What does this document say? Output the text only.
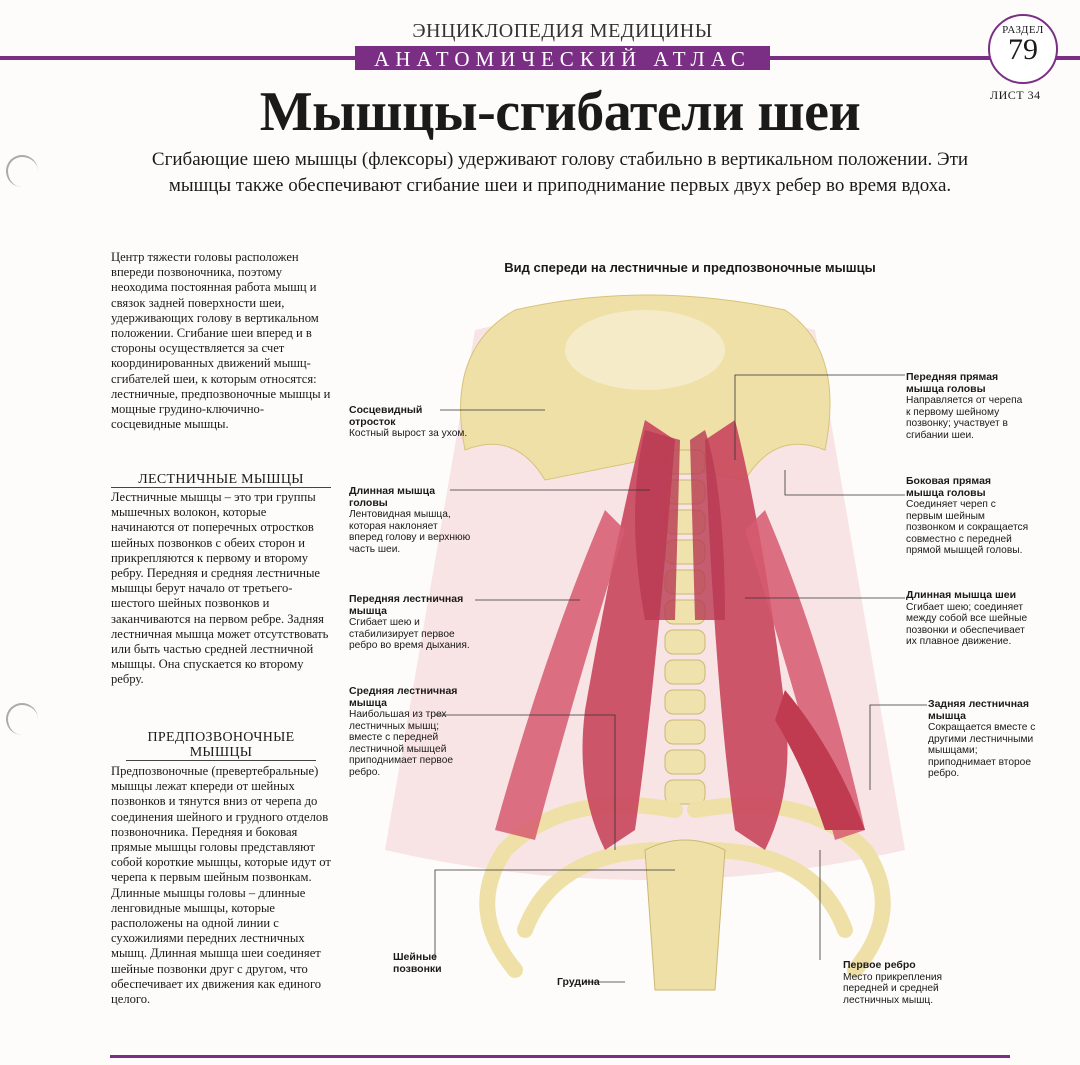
ЭНЦИКЛОПЕДИЯ МЕДИЦИНЫ
АНАТОМИЧЕСКИЙ АТЛАС
РАЗДЕЛ
79
ЛИСТ 34
Мышцы-сгибатели шеи
Сгибающие шею мышцы (флексоры) удерживают голову стабильно в вертикальном положении. Эти мышцы также обеспечивают сгибание шеи и приподнимание первых двух ребер во время вдоха.

Центр тяжести головы расположен впереди позвоночника, поэтому неоходима постоянная работа мышц и связок задней поверхности шеи, удерживающих голову в вертикальном положении. Сгибание шеи вперед и в стороны осуществляется за счет координированных движений мышц-сгибателей шеи, к которым относятся: лестничные, предпозвоночные мышцы и мощные грудино-ключично-сосцевидные мышцы.

ЛЕСТНИЧНЫЕ МЫШЦЫ

Лестничные мышцы – это три группы мышечных волокон, которые начинаются от поперечных отростков шейных позвонков с обеих сторон и прикрепляются к первому и второму ребру. Передняя и средняя лестничные мышцы берут начало от третьего-шестого шейных позвонков и заканчиваются на первом ребре. Задняя лестничная мышца может отсутствовать или быть частью средней лестничной мышцы. Она спускается ко второму ребру.

ПРЕДПОЗВОНОЧНЫЕ МЫШЦЫ

Предпозвоночные (превертебральные) мышцы лежат кпереди от шейных позвонков и тянутся вниз от черепа до соединения шейного и грудного отделов позвоночника. Передняя и боковая прямые мышцы головы представляют собой короткие мышцы, которые идут от черепа к первым шейным позвонкам. Длинные мышцы головы – длинные ленговидные мышцы, которые расположены на одной линии с сухожилиями передних лестничных мышц. Длинная мышца шеи соединяет шейные позвонки друг с другом, что обеспечивает их движения как единого целого.

Вид спереди на лестничные и предпозвоночные мышцы
Сосцевидный отросток
Костный вырост за ухом.
Длинная мышца головы
Лентовидная мышца, которая наклоняет вперед голову и верхнюю часть шеи.
Передняя лестничная мышца
Сгибает шею и стабилизирует первое ребро во время дыхания.
Средняя лестничная мышца
Наибольшая из трех лестничных мышц; вместе с передней лестничной мышцей приподнимает первое ребро.
Шейные позвонки
Грудина
Первое ребро
Место прикрепления передней и средней лестничных мышц.
Передняя прямая мышца головы
Направляется от черепа к первому шейному позвонку; участвует в сгибании шеи.
Боковая прямая мышца головы
Соединяет череп с первым шейным позвонком и сокращается совместно с передней прямой мышцей головы.
Длинная мышца шеи
Сгибает шею; соединяет между собой все шейные позвонки и обеспечивает их плавное движение.
Задняя лестничная мышца
Сокращается вместе с другими лестничными мышцами; приподнимает второе ребро.
